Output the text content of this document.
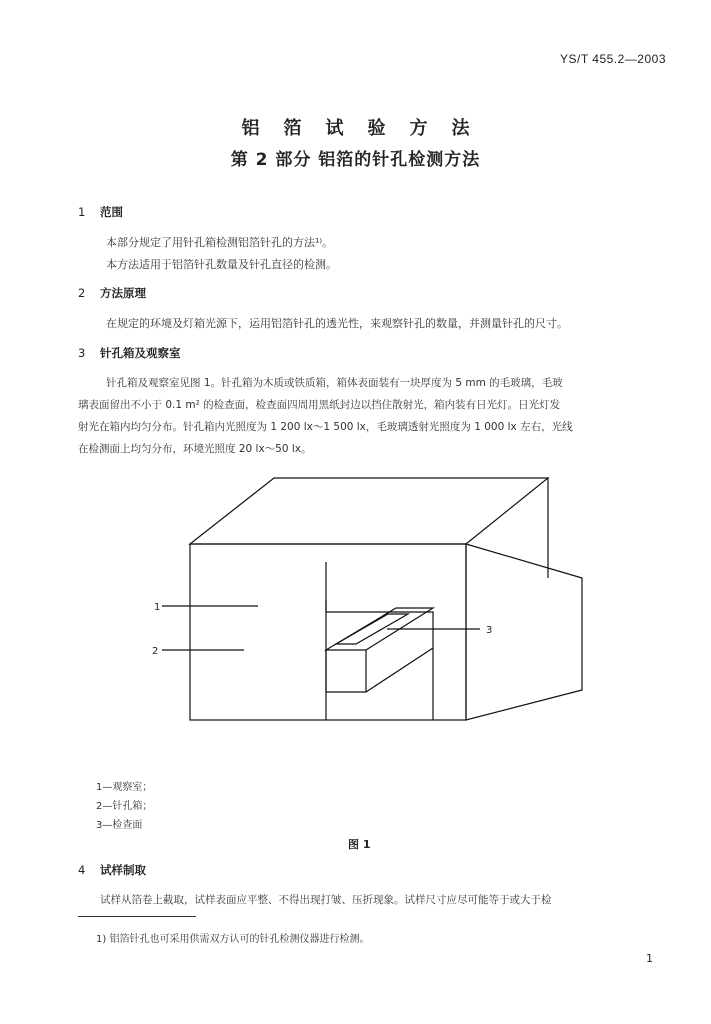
YS/T 455.2—2003
铝箔试验方法
第 2 部分 铝箔的针孔检测方法
1 范围
本部分规定了用针孔箱检测铝箔针孔的方法¹⁾。
本方法适用于铝箔针孔数量及针孔直径的检测。
2 方法原理
在规定的环境及灯箱光源下，运用铝箔针孔的透光性，来观察针孔的数量，并测量针孔的尺寸。
3 针孔箱及观察室
针孔箱及观察室见图 1。针孔箱为木质或铁质箱，箱体表面装有一块厚度为 5 mm 的毛玻璃，毛玻
璃表面留出不小于 0.1 m² 的检查面，检查面四周用黑纸封边以挡住散射光，箱内装有日光灯。日光灯发
射光在箱内均匀分布。针孔箱内光照度为 1 200 lx～1 500 lx，毛玻璃透射光照度为 1 000 lx 左右，光线
在检测面上均匀分布，环境光照度 20 lx～50 lx。
1
2
3
1—观察室；
2—针孔箱；
3—检查面
图 1
4 试样制取
试样从箔卷上截取，试样表面应平整、不得出现打皱、压折现象。试样尺寸应尽可能等于或大于检
1) 铝箔针孔也可采用供需双方认可的针孔检测仪器进行检测。
1
